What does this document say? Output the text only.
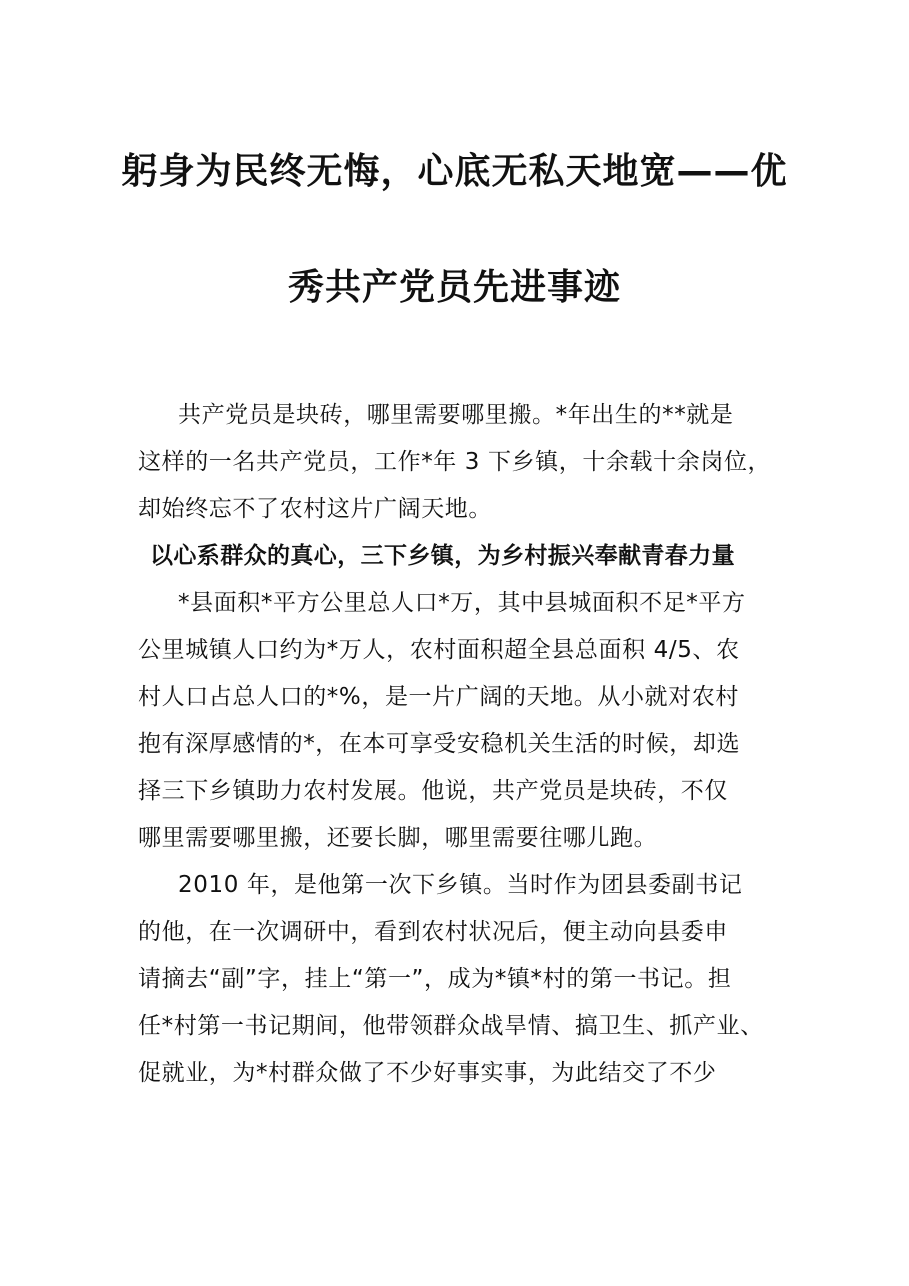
躬身为民终无悔，心底无私天地宽——优
秀共产党员先进事迹
共产党员是块砖，哪里需要哪里搬。*年出生的**就是
这样的一名共产党员，工作*年 3 下乡镇，十余载十余岗位，
却始终忘不了农村这片广阔天地。
以心系群众的真心，三下乡镇，为乡村振兴奉献青春力量
*县面积*平方公里总人口*万，其中县城面积不足*平方
公里城镇人口约为*万人，农村面积超全县总面积 4/5、农
村人口占总人口的*%，是一片广阔的天地。从小就对农村
抱有深厚感情的*，在本可享受安稳机关生活的时候，却选
择三下乡镇助力农村发展。他说，共产党员是块砖，不仅
哪里需要哪里搬，还要长脚，哪里需要往哪儿跑。
2010 年，是他第一次下乡镇。当时作为团县委副书记
的他，在一次调研中，看到农村状况后，便主动向县委申
请摘去“副”字，挂上“第一”，成为*镇*村的第一书记。担
任*村第一书记期间，他带领群众战旱情、搞卫生、抓产业、
促就业，为*村群众做了不少好事实事，为此结交了不少
